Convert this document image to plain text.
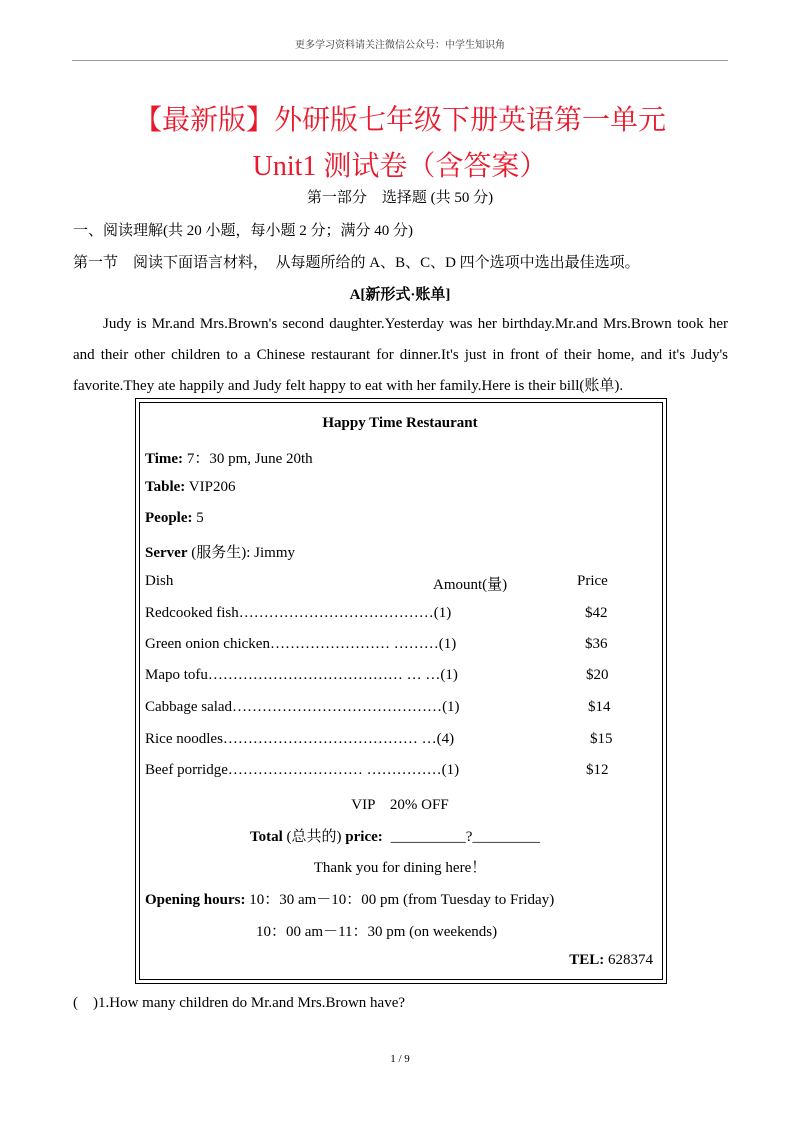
更多学习资料请关注微信公众号：中学生知识角
【最新版】外研版七年级下册英语第一单元
Unit1 测试卷（含答案）
第一部分　选择题 (共 50 分)
一、阅读理解(共 20 小题，每小题 2 分；满分 40 分)
第一节　阅读下面语言材料，　从每题所给的 A、B、C、D 四个选项中选出最佳选项。
A[新形式·账单]
Judy is Mr.and Mrs.Brown's second daughter.Yesterday was her birthday.Mr.and Mrs.Brown took her and their other children to a Chinese restaurant for dinner.It's just in front of their home, and it's Judy's favorite.They ate happily and Judy felt happy to eat with her family.Here is their bill(账单).
Happy Time Restaurant
Time: 7：30 pm, June 20th
Table: VIP206
People: 5
Server (服务生): Jimmy
Dish	Amount(量)	Price
Redcooked fish…………………………………(1)	$42
Green onion chicken…………………… ………(1)	$36
Mapo tofu………………………………… … …(1)	$20
Cabbage salad……………………………………(1)	$14
Rice noodles………………………………… …(4)	$15
Beef porridge……………………… ……………(1)	$12
VIP　20% OFF
Total (总共的) price: __________?_________
Thank you for dining here！
Opening hours: 10：30 am－10：00 pm (from Tuesday to Friday)
10：00 am－11：30 pm (on weekends)
TEL: 628374
(　)1.How many children do Mr.and Mrs.Brown have?
1 / 9
